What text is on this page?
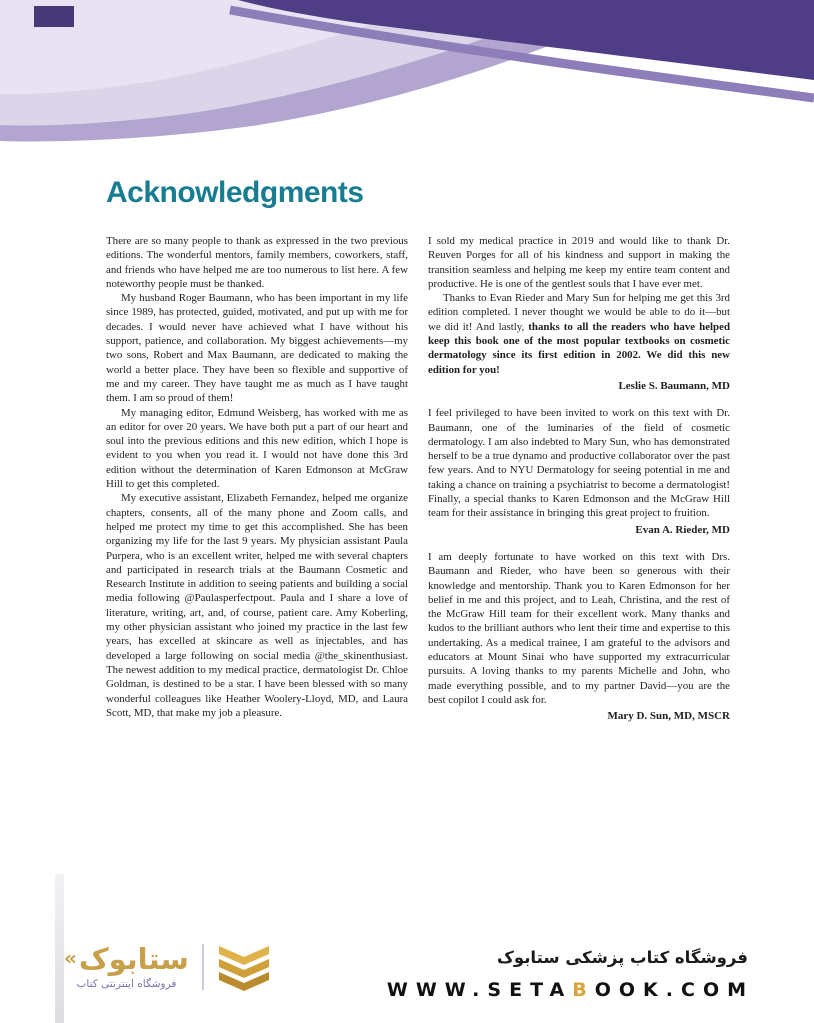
Acknowledgments

There are so many people to thank as expressed in the two previous editions. The wonderful mentors, family members, coworkers, staff, and friends who have helped me are too numerous to list here. A few noteworthy people must be thanked.

My husband Roger Baumann, who has been important in my life since 1989, has protected, guided, motivated, and put up with me for decades. I would never have achieved what I have without his support, patience, and collaboration. My biggest achievements—my two sons, Robert and Max Baumann, are dedicated to making the world a better place. They have been so flexible and supportive of me and my career. They have taught me as much as I have taught them. I am so proud of them!

My managing editor, Edmund Weisberg, has worked with me as an editor for over 20 years. We have both put a part of our heart and soul into the previous editions and this new edition, which I hope is evident to you when you read it. I would not have done this 3rd edition without the determination of Karen Edmonson at McGraw Hill to get this completed.

My executive assistant, Elizabeth Fernandez, helped me organize chapters, consents, all of the many phone and Zoom calls, and helped me protect my time to get this accomplished. She has been organizing my life for the last 9 years. My physician assistant Paula Purpera, who is an excellent writer, helped me with several chapters and participated in research trials at the Baumann Cosmetic and Research Institute in addition to seeing patients and building a social media following @Paulasperfectpout. Paula and I share a love of literature, writing, art, and, of course, patient care. Amy Koberling, my other physician assistant who joined my practice in the last few years, has excelled at skincare as well as injectables, and has developed a large following on social media @the_skinenthusiast. The newest addition to my medical practice, dermatologist Dr. Chloe Goldman, is destined to be a star. I have been blessed with so many wonderful colleagues like Heather Woolery-Lloyd, MD, and Laura Scott, MD, that make my job a pleasure.

I sold my medical practice in 2019 and would like to thank Dr. Reuven Porges for all of his kindness and support in making the transition seamless and helping me keep my entire team content and productive. He is one of the gentlest souls that I have ever met.

Thanks to Evan Rieder and Mary Sun for helping me get this 3rd edition completed. I never thought we would be able to do it—but we did it! And lastly, thanks to all the readers who have helped keep this book one of the most popular textbooks on cosmetic dermatology since its first edition in 2002. We did this new edition for you!

Leslie S. Baumann, MD

I feel privileged to have been invited to work on this text with Dr. Baumann, one of the luminaries of the field of cosmetic dermatology. I am also indebted to Mary Sun, who has demonstrated herself to be a true dynamo and productive collaborator over the past few years. And to NYU Dermatology for seeing potential in me and taking a chance on training a psychiatrist to become a dermatologist! Finally, a special thanks to Karen Edmonson and the McGraw Hill team for their assistance in bringing this great project to fruition.

Evan A. Rieder, MD

I am deeply fortunate to have worked on this text with Drs. Baumann and Rieder, who have been so generous with their knowledge and mentorship. Thank you to Karen Edmonson for her belief in me and this project, and to Leah, Christina, and the rest of the McGraw Hill team for their excellent work. Many thanks and kudos to the brilliant authors who lent their time and expertise to this undertaking. As a medical trainee, I am grateful to the advisors and educators at Mount Sinai who have supported my extracurricular pursuits. A loving thanks to my parents Michelle and John, who made everything possible, and to my partner David—you are the best copilot I could ask for.

Mary D. Sun, MD, MSCR
« ستابوک
فروشگاه اینترنتی کتاب
فروشگاه کتاب پزشکی ستابوک
WWW.SETABOOK.COM
